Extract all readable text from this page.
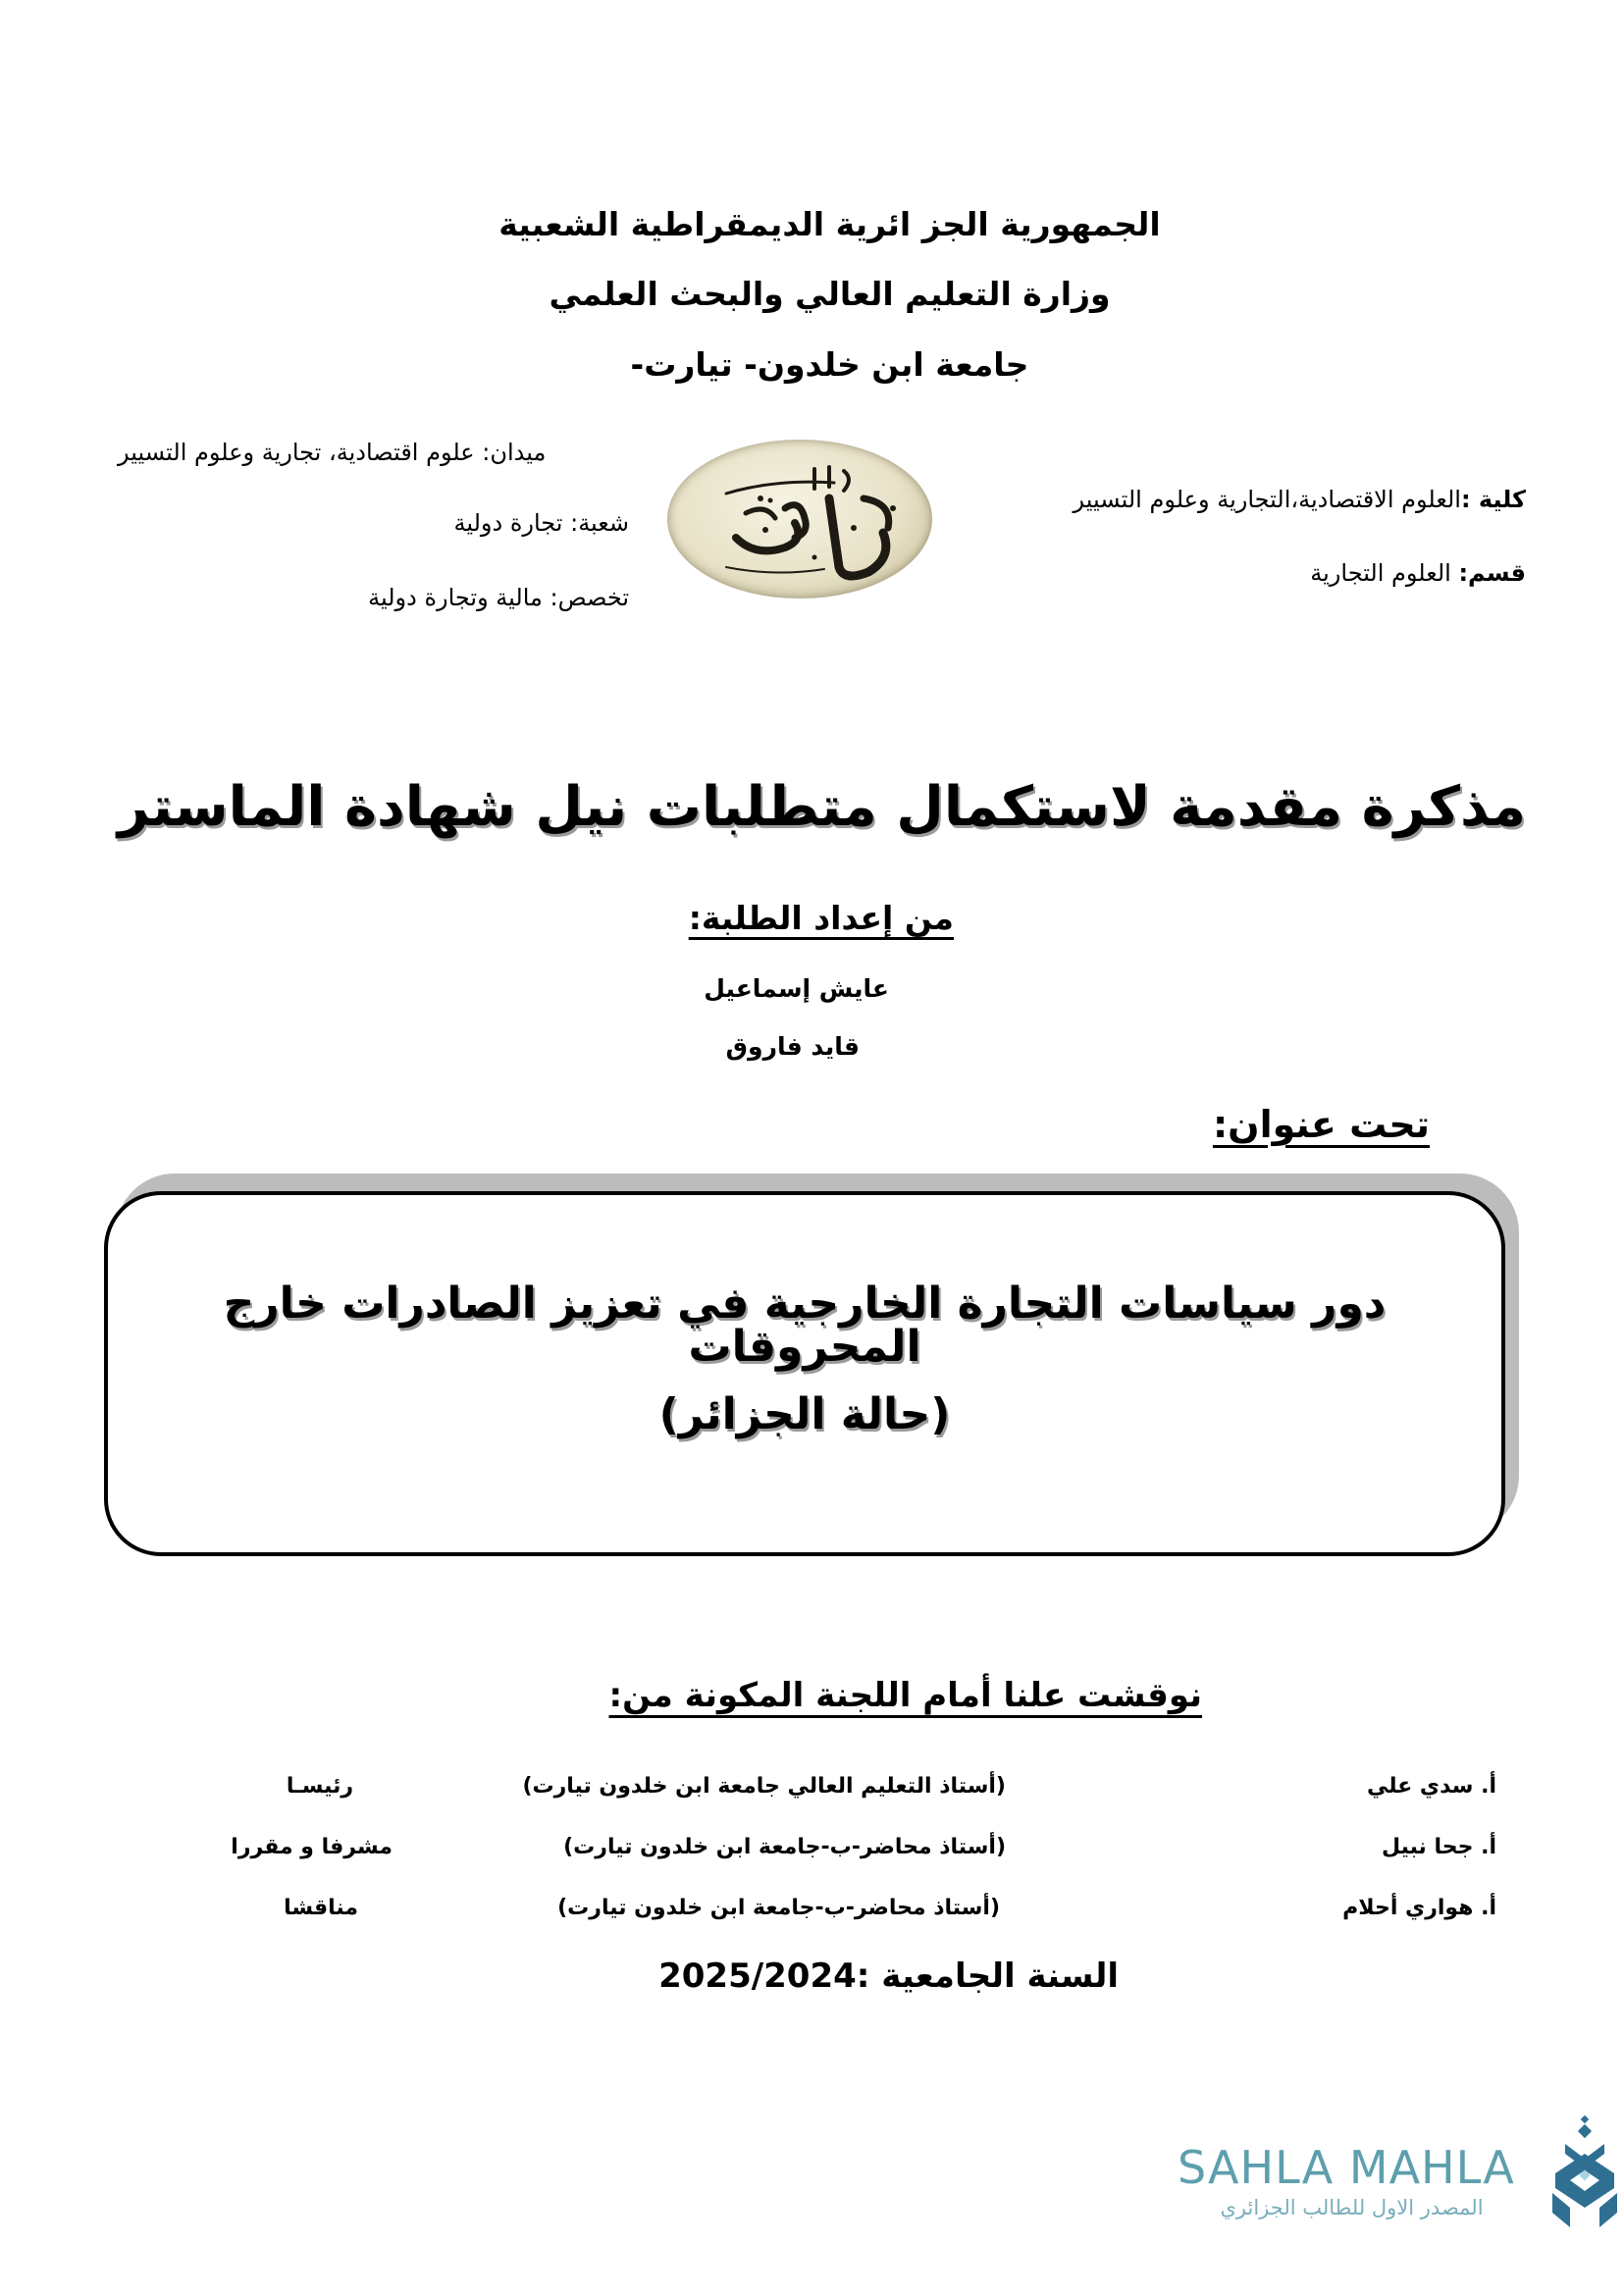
الجمهورية الجز ائرية الديمقراطية الشعبية
وزارة التعليم العالي والبحث العلمي
جامعة ابن خلدون- تيارت-
كلية :العلوم الاقتصادية،التجارية وعلوم التسيير
قسم: العلوم التجارية
ميدان: علوم اقتصادية، تجارية وعلوم التسيير
شعبة: تجارة دولية
تخصص: مالية وتجارة دولية
مذكرة مقدمة لاستكمال متطلبات نيل شهادة الماستر
من إعداد الطلبة:
عايش إسماعيل
قايد فاروق
تحت عنوان:
دور سياسات التجارة الخارجية في تعزيز الصادرات خارج المحروقات
(حالة الجزائر)
نوقشت علنا أمام اللجنة المكونة من:
أ. سدي علي
(أستاذ التعليم العالي جامعة ابن خلدون تيارت)
رئيسـا
أ. جحا نبيل
(أستاذ محاضر-ب-جامعة ابن خلدون تيارت)
مشرفا و مقررا
أ. هواري أحلام
(أستاذ محاضر-ب-جامعة ابن خلدون تيارت)
مناقشا
السنة الجامعية :2025/2024
SAHLA MAHLA
المصدر الاول للطالب الجزائري
